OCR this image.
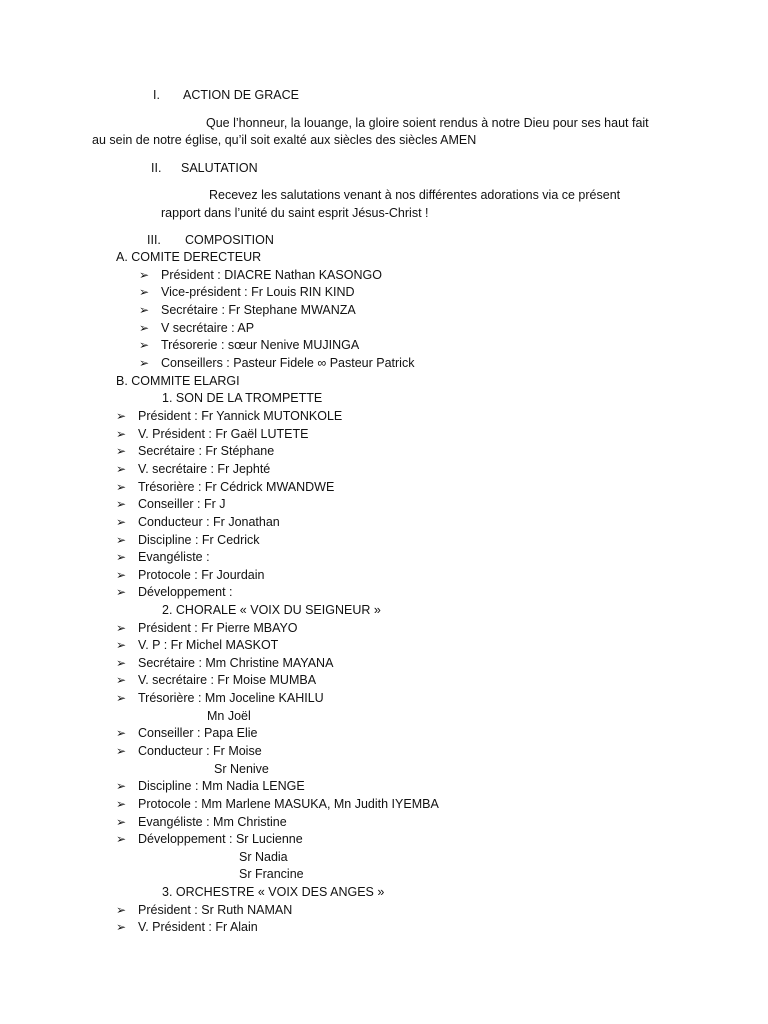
I. ACTION DE GRACE
Que l’honneur, la louange, la gloire soient rendus à notre Dieu pour ses haut fait
au sein de notre église, qu’il soit exalté aux siècles des siècles AMEN
II. SALUTATION
Recevez les salutations venant à nos différentes adorations via ce présent
rapport dans l’unité du saint esprit Jésus-Christ !
III. COMPOSITION
A. COMITE DERECTEUR
➢ Président : DIACRE Nathan KASONGO
➢ Vice-président : Fr Louis RIN KIND
➢ Secrétaire : Fr Stephane MWANZA
➢ V secrétaire : AP
➢ Trésorerie : sœur Nenive MUJINGA
➢ Conseillers : Pasteur Fidele ∞ Pasteur Patrick
B. COMMITE ELARGI
1. SON DE LA TROMPETTE
➢ Président : Fr Yannick MUTONKOLE
➢ V. Président : Fr Gaël LUTETE
➢ Secrétaire : Fr Stéphane
➢ V. secrétaire : Fr Jephté
➢ Trésorière : Fr Cédrick MWANDWE
➢ Conseiller : Fr J
➢ Conducteur : Fr Jonathan
➢ Discipline : Fr Cedrick
➢ Evangéliste :
➢ Protocole : Fr Jourdain
➢ Développement :
2. CHORALE « VOIX DU SEIGNEUR »
➢ Président : Fr Pierre MBAYO
➢ V. P : Fr Michel MASKOT
➢ Secrétaire : Mm Christine MAYANA
➢ V. secrétaire : Fr Moise MUMBA
➢ Trésorière : Mm Joceline KAHILU
Mn Joël
➢ Conseiller : Papa Elie
➢ Conducteur : Fr Moise
Sr Nenive
➢ Discipline : Mm Nadia LENGE
➢ Protocole : Mm Marlene MASUKA, Mn Judith IYEMBA
➢ Evangéliste : Mm Christine
➢ Développement : Sr Lucienne
Sr Nadia
Sr Francine
3. ORCHESTRE « VOIX DES ANGES »
➢ Président : Sr Ruth NAMAN
➢ V. Président : Fr Alain
